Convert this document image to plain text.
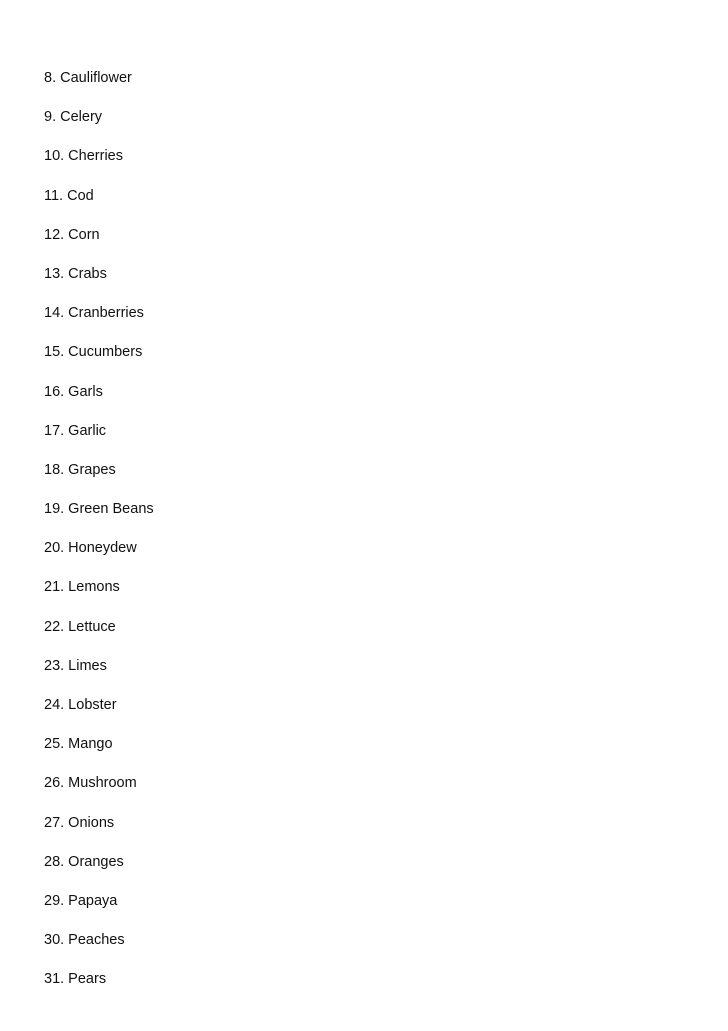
8. Cauliflower
9. Celery
10. Cherries
11. Cod
12. Corn
13. Crabs
14. Cranberries
15. Cucumbers
16. Garls
17. Garlic
18. Grapes
19. Green Beans
20. Honeydew
21. Lemons
22. Lettuce
23. Limes
24. Lobster
25. Mango
26. Mushroom
27. Onions
28. Oranges
29. Papaya
30. Peaches
31. Pears
